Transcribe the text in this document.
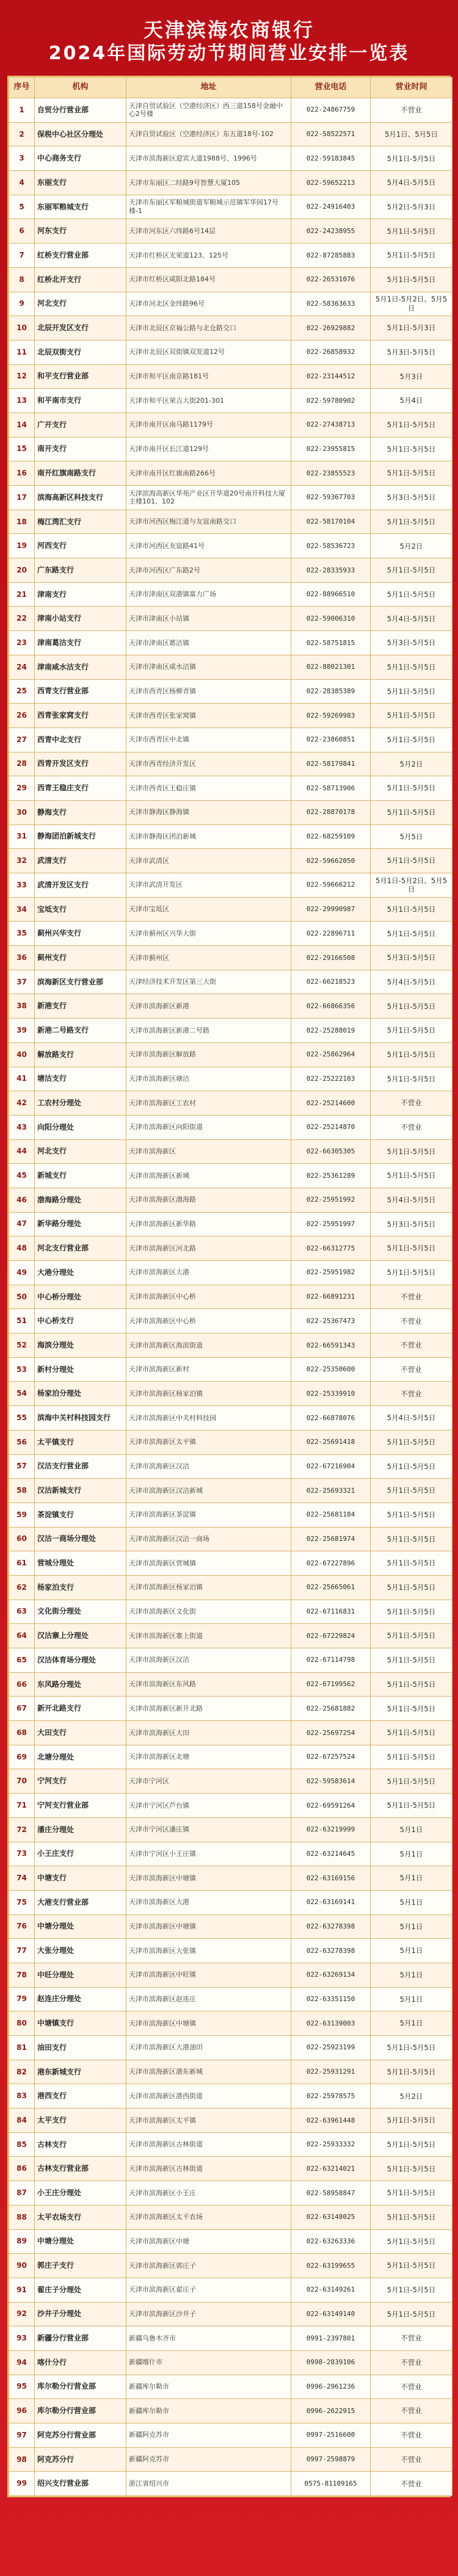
天津滨海农商银行
2024年国际劳动节期间营业安排一览表
序号	机构	地址	营业电话	营业时间
1	自贸分行营业部	天津自贸试验区（空港经济区）西三道158号金融中心2号楼	022-24867759	不营业
2	保税中心社区分理处	天津自贸试验区（空港经济区）东五道18号-102	022-58522571	5月1日、5月5日
3	中心商务支行	天津市滨海新区迎宾大道1988号、1996号	022-59183845	5月1日-5月5日
4	东丽支行	天津市东丽区二经路9号智慧大厦105	022-59652213	5月4日-5月5日
5	东丽军粮城支行	天津市东丽区军粮城街道军粮城示范镇军华园17号楼-1	022-24916403	5月2日-5月3日
6	河东支行	天津市河东区六纬路6号14层	022-24238955	5月1日-5月5日
7	红桥支行营业部	天津市红桥区光荣道123、125号	022-87285883	5月1日-5月5日
8	红桥北开支行	天津市红桥区咸阳北路184号	022-26531076	5月1日-5月5日
9	河北支行	天津市河北区金纬路96号	022-58363633	5月1日-5月2日、5月5日
10	北辰开发区支行	天津市北辰区京福公路与北仓路交口	022-26929882	5月1日-5月3日
11	北辰双街支行	天津市北辰区双街镇双发道12号	022-26858932	5月3日-5月5日
12	和平支行营业部	天津市和平区南京路181号	022-23144512	5月3日
13	和平南市支行	天津市和平区荣吉大街201-301	022-59780902	5月4日
14	广开支行	天津市南开区南马路1179号	022-27438713	5月1日-5月5日
15	南开支行	天津市南开区长江道129号	022-23955815	5月1日-5月5日
16	南开红旗南路支行	天津市南开区红旗南路266号	022-23855523	5月1日-5月5日
17	滨海高新区科技支行	天津滨海高新区华苑产业区开华道20号南开科技大厦主楼101、102	022-59367703	5月3日-5月5日
18	梅江湾汇支行	天津市河西区梅江道与友谊南路交口	022-58170104	5月1日-5月5日
19	河西支行	天津市河西区友谊路41号	022-58536723	5月2日
20	广东路支行	天津市河西区广东路2号	022-28335933	5月1日-5月5日
21	津南支行	天津市津南区双港镇富力广场	022-88966510	5月1日-5月5日
22	津南小站支行	天津市津南区小站镇	022-59006310	5月4日-5月5日
23	津南葛沽支行	天津市津南区葛沽镇	022-58751815	5月3日-5月5日
24	津南咸水沽支行	天津市津南区咸水沽镇	022-88021301	5月1日-5月5日
25	西青支行营业部	天津市西青区杨柳青镇	022-28385389	5月1日-5月5日
26	西青张家窝支行	天津市西青区张家窝镇	022-59269983	5月1日-5月5日
27	西青中北支行	天津市西青区中北镇	022-23860851	5月1日-5月5日
28	西青开发区支行	天津市西青经济开发区	022-58179841	5月2日
29	西青王稳庄支行	天津市西青区王稳庄镇	022-58713906	5月1日-5月5日
30	静海支行	天津市静海区静海镇	022-28870178	5月1日-5月5日
31	静海团泊新城支行	天津市静海区团泊新城	022-68259109	5月5日
32	武清支行	天津市武清区	022-59662050	5月1日-5月5日
33	武清开发区支行	天津市武清开发区	022-59666212	5月1日-5月2日、5月5日
34	宝坻支行	天津市宝坻区	022-29990987	5月1日-5月5日
35	蓟州兴华支行	天津市蓟州区兴华大街	022-22896711	5月1日-5月5日
36	蓟州支行	天津市蓟州区	022-29166508	5月3日-5月5日
37	滨海新区支行营业部	天津经济技术开发区第三大街	022-66218523	5月4日-5月5日
38	新港支行	天津市滨海新区新港	022-66866356	5月1日-5月5日
39	新港二号路支行	天津市滨海新区新港二号路	022-25288019	5月1日-5月5日
40	解放路支行	天津市滨海新区解放路	022-25862964	5月1日-5月5日
41	塘沽支行	天津市滨海新区塘沽	022-25222103	5月1日-5月5日
42	工农村分理处	天津市滨海新区工农村	022-25214600	不营业
43	向阳分理处	天津市滨海新区向阳街道	022-25214870	不营业
44	河北支行	天津市滨海新区	022-66305305	5月1日-5月5日
45	新城支行	天津市滨海新区新城	022-25361289	5月1日-5月5日
46	渤海路分理处	天津市滨海新区渤海路	022-25951992	5月4日-5月5日
47	新华路分理处	天津市滨海新区新华路	022-25951997	5月3日-5月5日
48	河北支行营业部	天津市滨海新区河北路	022-66312775	5月1日-5月5日
49	大港分理处	天津市滨海新区大港	022-25951982	5月1日-5月5日
50	中心桥分理处	天津市滨海新区中心桥	022-66891231	不营业
51	中心桥支行	天津市滨海新区中心桥	022-25367473	不营业
52	海滨分理处	天津市滨海新区海滨街道	022-66591343	不营业
53	新村分理处	天津市滨海新区新村	022-25350600	不营业
54	杨家泊分理处	天津市滨海新区杨家泊镇	022-25339910	不营业
55	滨海中关村科技园支行	天津市滨海新区中关村科技园	022-66878076	5月4日-5月5日
56	太平镇支行	天津市滨海新区太平镇	022-25691418	5月1日-5月5日
57	汉沽支行营业部	天津市滨海新区汉沽	022-67216904	5月1日-5月5日
58	汉沽新城支行	天津市滨海新区汉沽新城	022-25693321	5月1日-5月5日
59	茶淀镇支行	天津市滨海新区茶淀镇	022-25681184	5月1日-5月5日
60	汉沽一商场分理处	天津市滨海新区汉沽一商场	022-25681974	5月1日-5月5日
61	营城分理处	天津市滨海新区营城镇	022-67227896	5月1日-5月5日
62	杨家泊支行	天津市滨海新区杨家泊镇	022-25665061	5月1日-5月5日
63	文化街分理处	天津市滨海新区文化街	022-67116831	5月1日-5月5日
64	汉沽寨上分理处	天津市滨海新区寨上街道	022-67229824	5月1日-5月5日
65	汉沽体育场分理处	天津市滨海新区汉沽	022-67114798	5月1日-5月5日
66	东风路分理处	天津市滨海新区东风路	022-67199562	5月1日-5月5日
67	新开北路支行	天津市滨海新区新开北路	022-25681882	5月1日-5月5日
68	大田支行	天津市滨海新区大田	022-25697254	5月1日-5月5日
69	北塘分理处	天津市滨海新区北塘	022-67257524	5月1日-5月5日
70	宁河支行	天津市宁河区	022-59583614	5月1日-5月5日
71	宁河支行营业部	天津市宁河区芦台镇	022-69591264	5月1日-5月5日
72	潘庄分理处	天津市宁河区潘庄镇	022-63219999	5月1日
73	小王庄支行	天津市宁河区小王庄镇	022-63214645	5月1日
74	中塘支行	天津市滨海新区中塘镇	022-63169156	5月1日
75	大港支行营业部	天津市滨海新区大港	022-63169141	5月1日
76	中塘分理处	天津市滨海新区中塘镇	022-63278398	5月1日
77	大张分理处	天津市滨海新区大张镇	022-63278398	5月1日
78	中旺分理处	天津市滨海新区中旺镇	022-63269134	5月1日
79	赵连庄分理处	天津市滨海新区赵连庄	022-63351150	5月1日
80	中塘镇支行	天津市滨海新区中塘镇	022-63139003	5月1日
81	油田支行	天津市滨海新区大港油田	022-25923199	5月1日-5月5日
82	港东新城支行	天津市滨海新区港东新城	022-25931291	5月1日-5月5日
83	港西支行	天津市滨海新区港西街道	022-25978575	5月2日
84	太平支行	天津市滨海新区太平镇	022-63961448	5月1日-5月5日
85	古林支行	天津市滨海新区古林街道	022-25933332	5月1日-5月5日
86	古林支行营业部	天津市滨海新区古林街道	022-63214021	5月1日-5月5日
87	小王庄分理处	天津市滨海新区小王庄	022-58958847	5月1日-5月5日
88	太平农场支行	天津市滨海新区太平农场	022-63148025	5月1日-5月5日
89	中塘分理处	天津市滨海新区中塘	022-63263336	5月1日-5月5日
90	郭庄子支行	天津市滨海新区郭庄子	022-63199655	5月1日-5月5日
91	翟庄子分理处	天津市滨海新区翟庄子	022-63149261	5月1日-5月5日
92	沙井子分理处	天津市滨海新区沙井子	022-63149140	5月1日-5月5日
93	新疆分行营业部	新疆乌鲁木齐市	0991-2397801	不营业
94	喀什分行	新疆喀什市	0998-2839106	不营业
95	库尔勒分行营业部	新疆库尔勒市	0996-2961236	不营业
96	库尔勒分行营业部	新疆库尔勒市	0996-2622915	不营业
97	阿克苏分行营业部	新疆阿克苏市	0997-2516600	不营业
98	阿克苏分行	新疆阿克苏市	0997-2598879	不营业
99	绍兴支行营业部	浙江省绍兴市	0575-81109165	不营业
